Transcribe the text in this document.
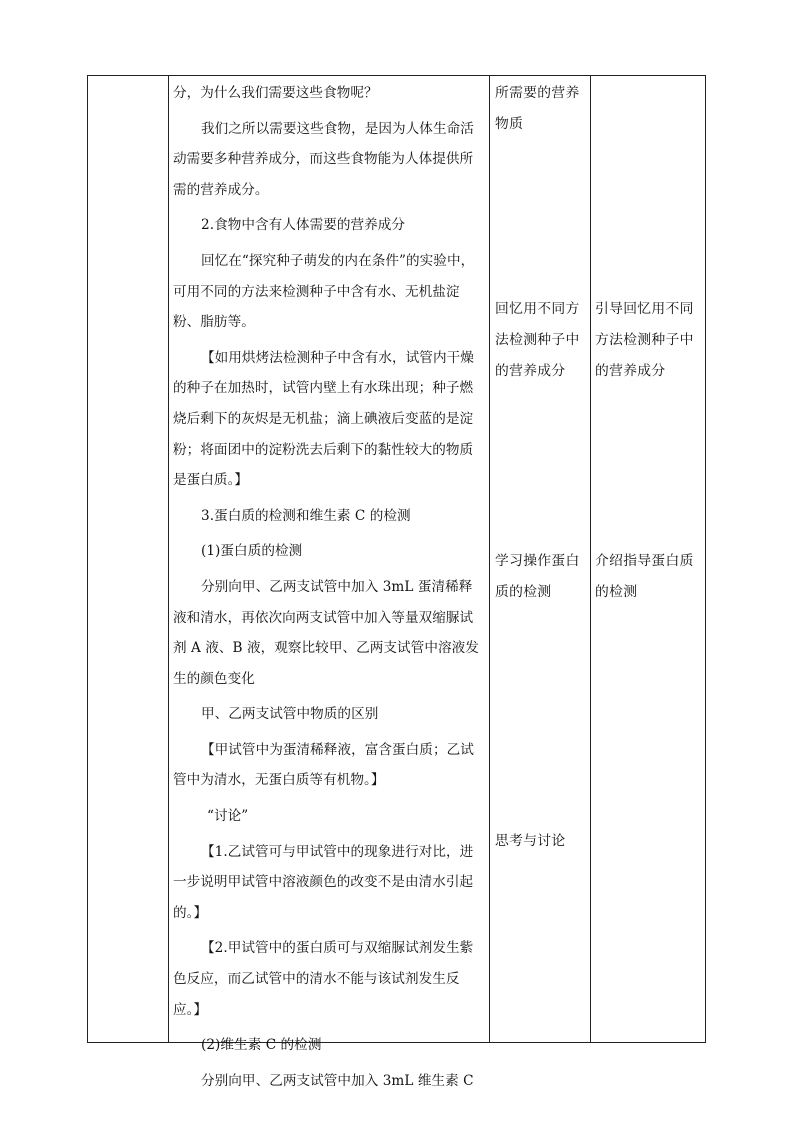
分，为什么我们需要这些食物呢？

我们之所以需要这些食物，是因为人体生命活动需要多种营养成分，而这些食物能为人体提供所需的营养成分。

2.食物中含有人体需要的营养成分

回忆在“探究种子萌发的内在条件”的实验中，可用不同的方法来检测种子中含有水、无机盐淀粉、脂肪等。

【如用烘烤法检测种子中含有水，试管内干燥的种子在加热时，试管内壁上有水珠出现；种子燃烧后剩下的灰烬是无机盐；滴上碘液后变蓝的是淀粉；将面团中的淀粉洗去后剩下的黏性较大的物质是蛋白质。】

3.蛋白质的检测和维生素 C 的检测

(1)蛋白质的检测

分别向甲、乙两支试管中加入 3mL 蛋清稀释液和清水，再依次向两支试管中加入等量双缩脲试剂 A 液、B 液，观察比较甲、乙两支试管中溶液发生的颜色变化

甲、乙两支试管中物质的区别

【甲试管中为蛋清稀释液，富含蛋白质；乙试管中为清水，无蛋白质等有机物。】

“讨论”

【1.乙试管可与甲试管中的现象进行对比，进一步说明甲试管中溶液颜色的改变不是由清水引起的。】

【2.甲试管中的蛋白质可与双缩脲试剂发生紫色反应，而乙试管中的清水不能与该试剂发生反应。】

(2)维生素 C 的检测

分别向甲、乙两支试管中加入 3mL 维生素 C

所需要的营养物质

回忆用不同方法检测种子中的营养成分

学习操作蛋白质的检测

思考与讨论

引导回忆用不同方法检测种子中的营养成分

介绍指导蛋白质的检测
